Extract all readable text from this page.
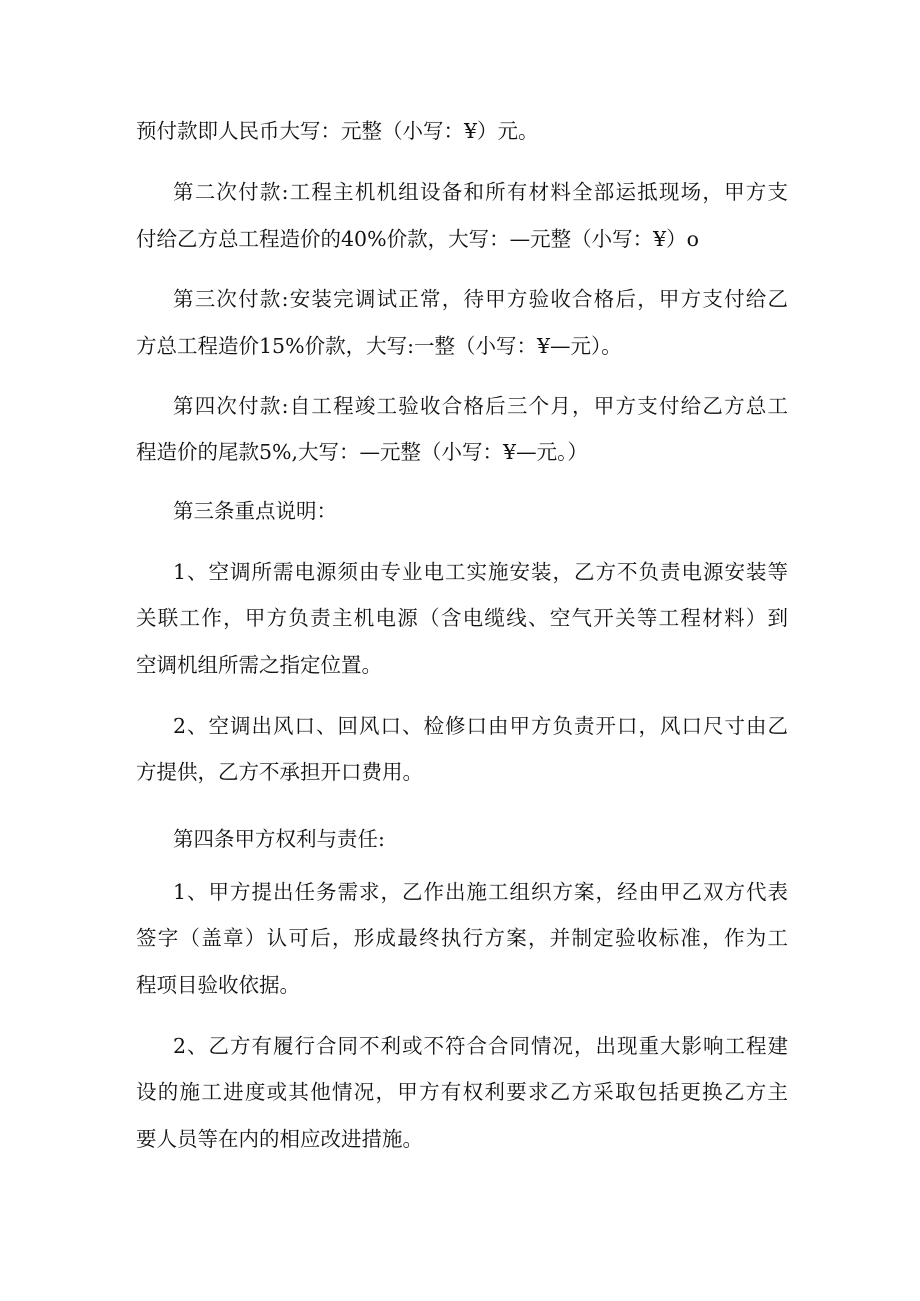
预付款即人民币大写：元整（小写：¥）元。
第二次付款:工程主机机组设备和所有材料全部运抵现场，甲方支
付给乙方总工程造价的40%价款，大写：—元整（小写：¥）o
第三次付款:安装完调试正常，待甲方验收合格后，甲方支付给乙
方总工程造价15%价款，大写:一整（小写：¥—元）。
第四次付款:自工程竣工验收合格后三个月，甲方支付给乙方总工
程造价的尾款5%,大写：—元整（小写：¥—元。）
第三条重点说明：
1、空调所需电源须由专业电工实施安装，乙方不负责电源安装等
关联工作，甲方负责主机电源（含电缆线、空气开关等工程材料）到
空调机组所需之指定位置。
2、空调出风口、回风口、检修口由甲方负责开口，风口尺寸由乙
方提供，乙方不承担开口费用。
第四条甲方权利与责任:
1、甲方提出任务需求，乙作出施工组织方案，经由甲乙双方代表
签字（盖章）认可后，形成最终执行方案，并制定验收标准，作为工
程项目验收依据。
2、乙方有履行合同不利或不符合合同情况，出现重大影响工程建
设的施工进度或其他情况，甲方有权利要求乙方采取包括更换乙方主
要人员等在内的相应改进措施。
